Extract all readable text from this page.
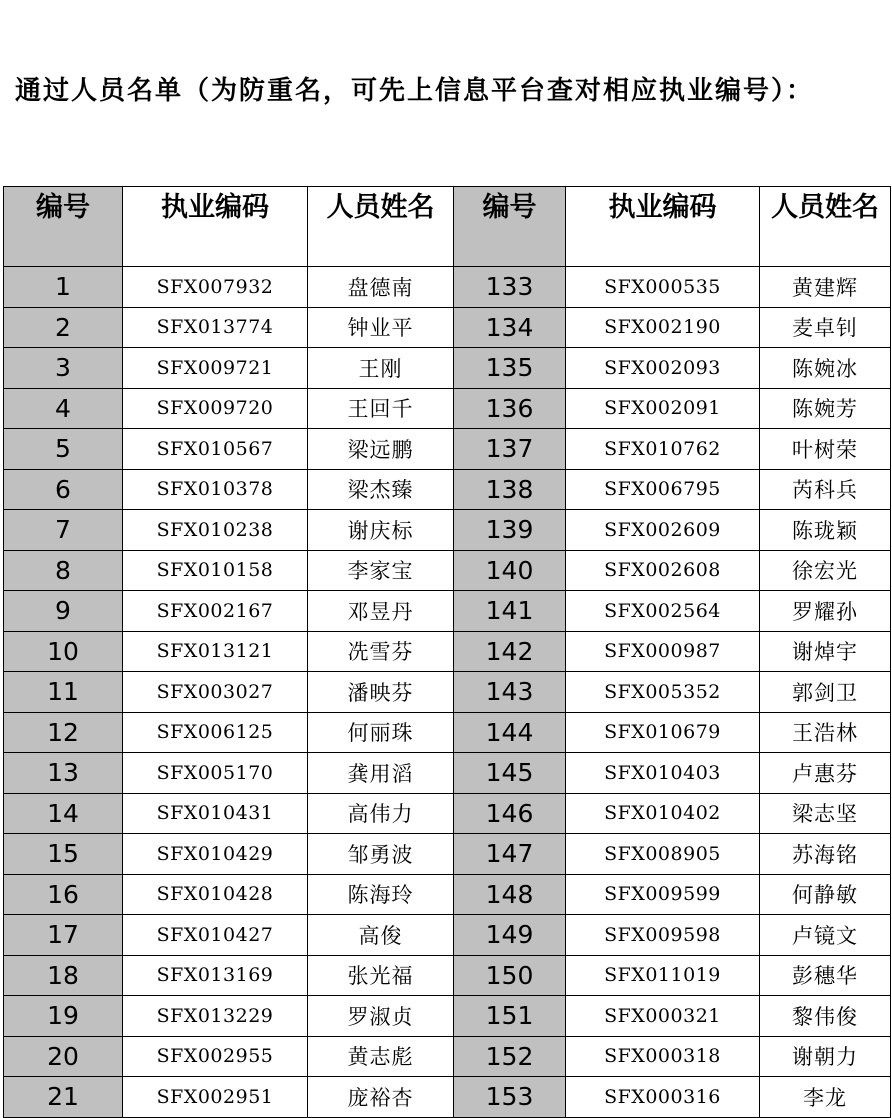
通过人员名单（为防重名，可先上信息平台查对相应执业编号）：
编号	执业编码	人员姓名	编号	执业编码	人员姓名
1	SFX007932	盘德南	133	SFX000535	黄建辉
2	SFX013774	钟业平	134	SFX002190	麦卓钊
3	SFX009721	王刚	135	SFX002093	陈婉冰
4	SFX009720	王回千	136	SFX002091	陈婉芳
5	SFX010567	梁远鹏	137	SFX010762	叶树荣
6	SFX010378	梁杰臻	138	SFX006795	芮科兵
7	SFX010238	谢庆标	139	SFX002609	陈珑颖
8	SFX010158	李家宝	140	SFX002608	徐宏光
9	SFX002167	邓昱丹	141	SFX002564	罗耀孙
10	SFX013121	冼雪芬	142	SFX000987	谢焯宇
11	SFX003027	潘映芬	143	SFX005352	郭剑卫
12	SFX006125	何丽珠	144	SFX010679	王浩林
13	SFX005170	龚用滔	145	SFX010403	卢惠芬
14	SFX010431	高伟力	146	SFX010402	梁志坚
15	SFX010429	邹勇波	147	SFX008905	苏海铭
16	SFX010428	陈海玲	148	SFX009599	何静敏
17	SFX010427	高俊	149	SFX009598	卢镜文
18	SFX013169	张光福	150	SFX011019	彭穗华
19	SFX013229	罗淑贞	151	SFX000321	黎伟俊
20	SFX002955	黄志彪	152	SFX000318	谢朝力
21	SFX002951	庞裕杏	153	SFX000316	李龙
